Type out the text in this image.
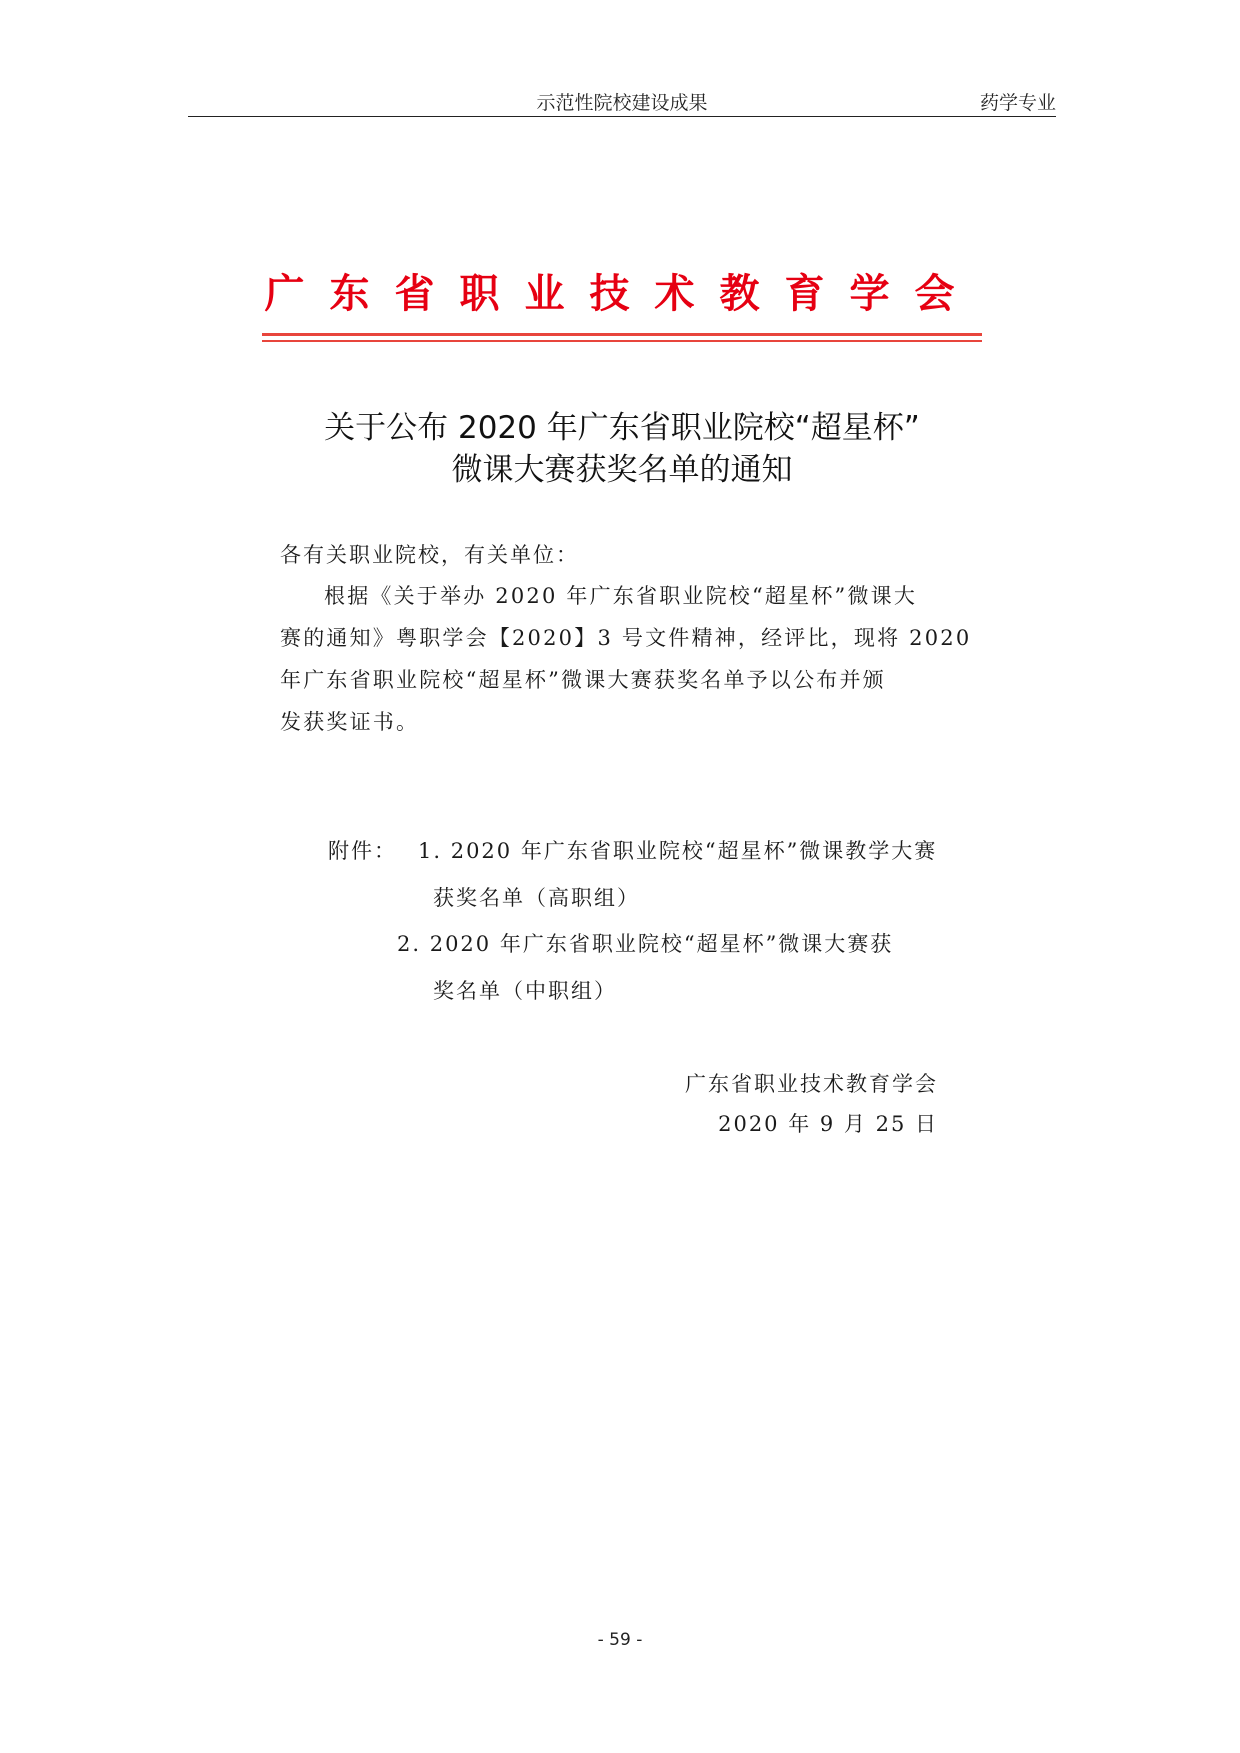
示范性院校建设成果	药学专业
广东省职业技术教育学会
关于公布 2020 年广东省职业院校“超星杯”
微课大赛获奖名单的通知
各有关职业院校，有关单位：
根据《关于举办 2020 年广东省职业院校“超星杯”微课大
赛的通知》粤职学会【2020】3 号文件精神，经评比，现将 2020
年广东省职业院校“超星杯”微课大赛获奖名单予以公布并颁
发获奖证书。
附件： 1. 2020 年广东省职业院校“超星杯”微课教学大赛
获奖名单（高职组）
2. 2020 年广东省职业院校“超星杯”微课大赛获
奖名单（中职组）
广东省职业技术教育学会
2020 年 9 月 25 日
- 59 -
